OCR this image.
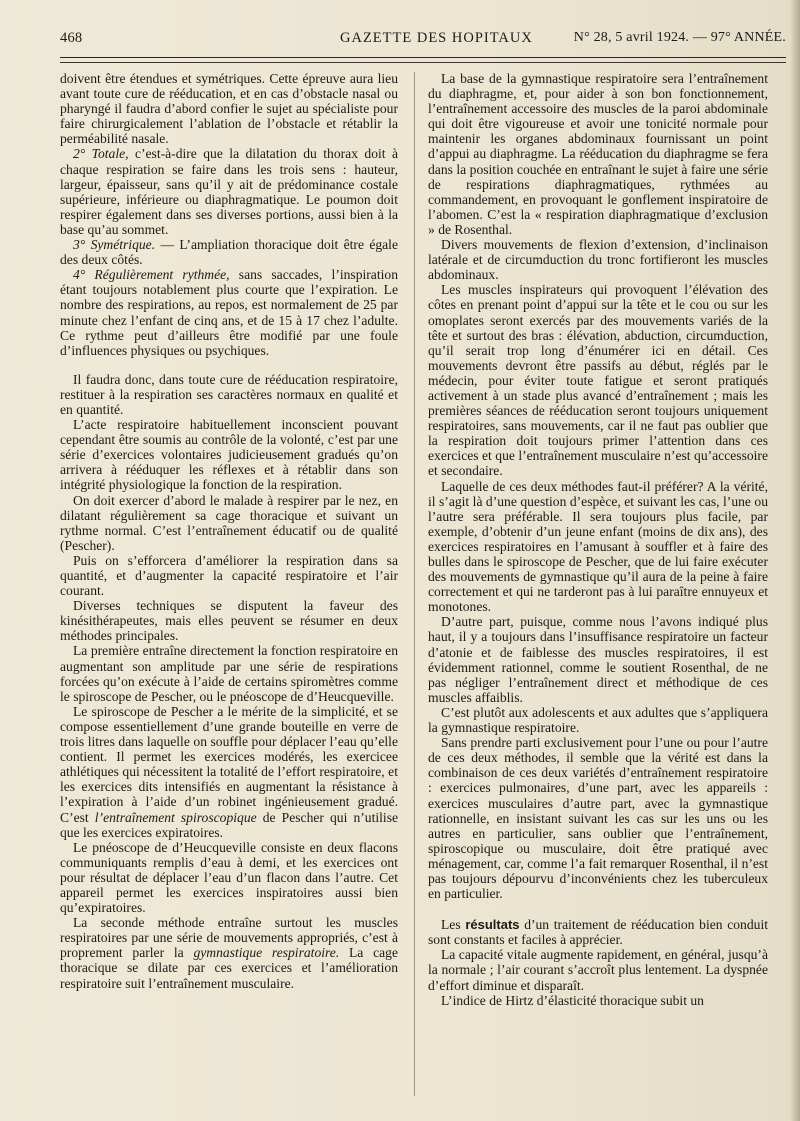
468	GAZETTE DES HOPITAUX	N° 28, 5 avril 1924. — 97° ANNÉE.

doivent être étendues et symétriques. Cette épreuve aura lieu avant toute cure de rééducation, et en cas d’obstacle nasal ou pharyngé il faudra d’abord confier le sujet au spécialiste pour faire chirurgicalement l’ablation de l’obstacle et rétablir la perméabilité nasale.

2° Totale, c’est-à-dire que la dilatation du thorax doit à chaque respiration se faire dans les trois sens : hauteur, largeur, épaisseur, sans qu’il y ait de prédominance costale supérieure, inférieure ou diaphragmatique. Le poumon doit respirer également dans ses diverses portions, aussi bien à la base qu’au sommet.

3° Symétrique. — L’ampliation thoracique doit être égale des deux côtés.

4° Régulièrement rythmée, sans saccades, l’inspiration étant toujours notablement plus courte que l’expiration. Le nombre des respirations, au repos, est normalement de 25 par minute chez l’enfant de cinq ans, et de 15 à 17 chez l’adulte. Ce rythme peut d’ailleurs être modifié par une foule d’influences physiques ou psychiques.

Il faudra donc, dans toute cure de rééducation respiratoire, restituer à la respiration ses caractères normaux en qualité et en quantité.

L’acte respiratoire habituellement inconscient pouvant cependant être soumis au contrôle de la volonté, c’est par une série d’exercices volontaires judicieusement gradués qu’on arrivera à rééduquer les réflexes et à rétablir dans son intégrité physiologique la fonction de la respiration.

On doit exercer d’abord le malade à respirer par le nez, en dilatant régulièrement sa cage thoracique et suivant un rythme normal. C’est l’entraînement éducatif ou de qualité (Pescher).

Puis on s’efforcera d’améliorer la respiration dans sa quantité, et d’augmenter la capacité respiratoire et l’air courant.

Diverses techniques se disputent la faveur des kinésithérapeutes, mais elles peuvent se résumer en deux méthodes principales.

La première entraîne directement la fonction respiratoire en augmentant son amplitude par une série de respirations forcées qu’on exécute à l’aide de certains spiromètres comme le spiroscope de Pescher, ou le pnéoscope de d’Heucqueville.

Le spiroscope de Pescher a le mérite de la simplicité, et se compose essentiellement d’une grande bouteille en verre de trois litres dans laquelle on souffle pour déplacer l’eau qu’elle contient. Il permet les exercices modérés, les exercicee athlétiques qui nécessitent la totalité de l’effort respiratoire, et les exercices dits intensifiés en augmentant la résistance à l’expiration à l’aide d’un robinet ingénieusement gradué. C’est l’entraînement spiroscopique de Pescher qui n’utilise que les exercices expiratoires.

Le pnéoscope de d’Heucqueville consiste en deux flacons communiquants remplis d’eau à demi, et les exercices ont pour résultat de déplacer l’eau d’un flacon dans l’autre. Cet appareil permet les exercices inspiratoires aussi bien qu’expiratoires.

La seconde méthode entraîne surtout les muscles respiratoires par une série de mouvements appropriés, c’est à proprement parler la gymnastique respiratoire. La cage thoracique se dilate par ces exercices et l’amélioration respiratoire suit l’entraînement musculaire.

La base de la gymnastique respiratoire sera l’entraînement du diaphragme, et, pour aider à son bon fonctionnement, l’entraînement accessoire des muscles de la paroi abdominale qui doit être vigoureuse et avoir une tonicité normale pour maintenir les organes abdominaux fournissant un point d’appui au diaphragme. La rééducation du diaphragme se fera dans la position couchée en entraînant le sujet à faire une série de respirations diaphragmatiques, rythmées au commandement, en provoquant le gonflement inspiratoire de l’abomen. C’est la « respiration diaphragmatique d’exclusion » de Rosenthal.

Divers mouvements de flexion d’extension, d’inclinaison latérale et de circumduction du tronc fortifieront les muscles abdominaux.

Les muscles inspirateurs qui provoquent l’élévation des côtes en prenant point d’appui sur la tête et le cou ou sur les omoplates seront exercés par des mouvements variés de la tête et surtout des bras : élévation, abduction, circumduction, qu’il serait trop long d’énumérer ici en détail. Ces mouvements devront être passifs au début, réglés par le médecin, pour éviter toute fatigue et seront pratiqués activement à un stade plus avancé d’entraînement ; mais les premières séances de rééducation seront toujours uniquement respiratoires, sans mouvements, car il ne faut pas oublier que la respiration doit toujours primer l’attention dans ces exercices et que l’entraînement musculaire n’est qu’accessoire et secondaire.

Laquelle de ces deux méthodes faut-il préférer? A la vérité, il s’agit là d’une question d’espèce, et suivant les cas, l’une ou l’autre sera préférable. Il sera toujours plus facile, par exemple, d’obtenir d’un jeune enfant (moins de dix ans), des exercices respiratoires en l’amusant à souffler et à faire des bulles dans le spiroscope de Pescher, que de lui faire exécuter des mouvements de gymnastique qu’il aura de la peine à faire correctement et qui ne tarderont pas à lui paraître ennuyeux et monotones.

D’autre part, puisque, comme nous l’avons indiqué plus haut, il y a toujours dans l’insuffisance respiratoire un facteur d’atonie et de faiblesse des muscles respiratoires, il est évidemment rationnel, comme le soutient Rosenthal, de ne pas négliger l’entraînement direct et méthodique de ces muscles affaiblis.

C’est plutôt aux adolescents et aux adultes que s’appliquera la gymnastique respiratoire.

Sans prendre parti exclusivement pour l’une ou pour l’autre de ces deux méthodes, il semble que la vérité est dans la combinaison de ces deux variétés d’entraînement respiratoire : exercices pulmonaires, d’une part, avec les appareils : exercices musculaires d’autre part, avec la gymnastique rationnelle, en insistant suivant les cas sur les uns ou les autres en particulier, sans oublier que l’entraînement, spiroscopique ou musculaire, doit être pratiqué avec ménagement, car, comme l’a fait remarquer Rosenthal, il n’est pas toujours dépourvu d’inconvénients chez les tuberculeux en particulier.

Les résultats d’un traitement de rééducation bien conduit sont constants et faciles à apprécier.

La capacité vitale augmente rapidement, en général, jusqu’à la normale ; l’air courant s’accroît plus lentement. La dyspnée d’effort diminue et disparaît.

L’indice de Hirtz d’élasticité thoracique subit un
